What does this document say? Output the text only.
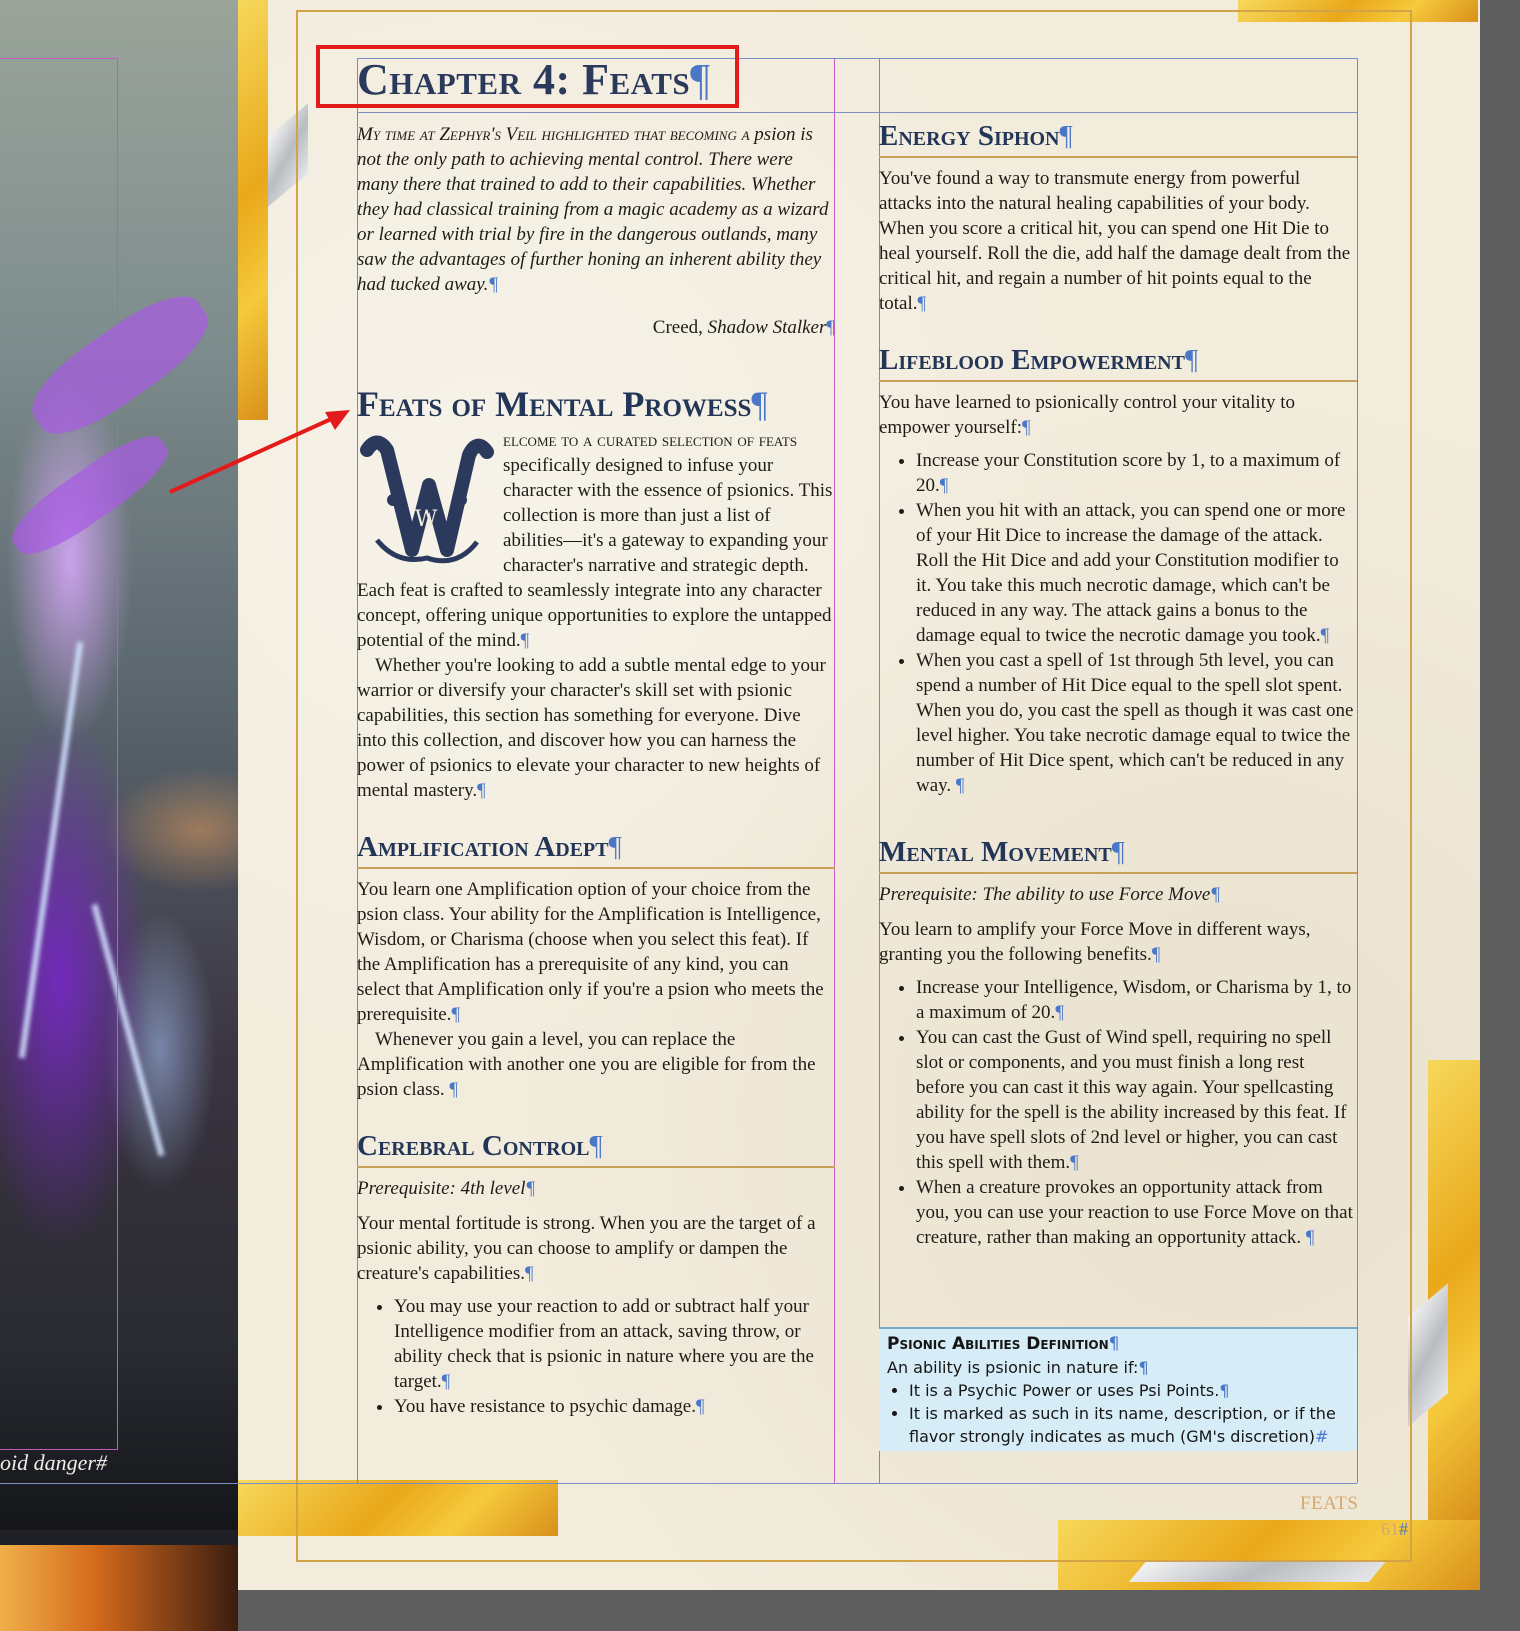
oid danger#
Chapter 4: Feats¶

My time at Zephyr's Veil highlighted that becoming a psion is not the only path to achieving mental control. There were many there that trained to add to their capabilities. Whether they had classical training from a magic academy as a wizard or learned with trial by fire in the dangerous outlands, many saw the advantages of further honing an inherent ability they had tucked away.¶

Creed, Shadow Stalker¶

Feats of Mental Prowess¶
W

elcome to a curated selection of feats specifically designed to infuse your character with the essence of psionics. This collection is more than just a list of abilities—it's a gateway to expanding your character's narrative and strategic depth. Each feat is crafted to seamlessly integrate into any character concept, offering unique opportunities to explore the untapped potential of the mind.¶

Whether you're looking to add a subtle mental edge to your warrior or diversify your character's skill set with psionic capabilities, this section has something for everyone. Dive into this collection, and discover how you can harness the power of psionics to elevate your character to new heights of mental mastery.¶

Amplification Adept¶

You learn one Amplification option of your choice from the psion class. Your ability for the Amplification is Intelligence, Wisdom, or Charisma (choose when you select this feat). If the Amplification has a prerequisite of any kind, you can select that Amplification only if you're a psion who meets the prerequisite.¶

Whenever you gain a level, you can replace the Amplification with another one you are eligible for from the psion class. ¶

Cerebral Control¶

Prerequisite: 4th level¶

Your mental fortitude is strong. When you are the target of a psionic ability, you can choose to amplify or dampen the creature's capabilities.¶

• You may use your reaction to add or subtract half your Intelligence modifier from an attack, saving throw, or ability check that is psionic in nature where you are the target.¶
• You have resistance to psychic damage.¶
Energy Siphon¶

You've found a way to transmute energy from powerful attacks into the natural healing capabilities of your body. When you score a critical hit, you can spend one Hit Die to heal yourself. Roll the die, add half the damage dealt from the critical hit, and regain a number of hit points equal to the total.¶

Lifeblood Empowerment¶

You have learned to psionically control your vitality to empower yourself:¶

• Increase your Constitution score by 1, to a maximum of 20.¶
• When you hit with an attack, you can spend one or more of your Hit Dice to increase the damage of the attack. Roll the Hit Dice and add your Constitution modifier to it. You take this much necrotic damage, which can't be reduced in any way. The attack gains a bonus to the damage equal to twice the necrotic damage you took.¶
• When you cast a spell of 1st through 5th level, you can spend a number of Hit Dice equal to the spell slot spent. When you do, you cast the spell as though it was cast one level higher. You take necrotic damage equal to twice the number of Hit Dice spent, which can't be reduced in any way. ¶
Mental Movement¶

Prerequisite: The ability to use Force Move¶

You learn to amplify your Force Move in different ways, granting you the following benefits.¶

• Increase your Intelligence, Wisdom, or Charisma by 1, to a maximum of 20.¶
• You can cast the Gust of Wind spell, requiring no spell slot or components, and you must finish a long rest before you can cast it this way again. Your spellcasting ability for the spell is the ability increased by this feat. If you have spell slots of 2nd level or higher, you can cast this spell with them.¶
• When a creature provokes an opportunity attack from you, you can use your reaction to use Force Move on that creature, rather than making an opportunity attack. ¶
Psionic Abilities Definition¶
An ability is psionic in nature if:¶
• It is a Psychic Power or uses Psi Points.¶
• It is marked as such in its name, description, or if the flavor strongly indicates as much (GM's discretion)#
FEATS
61#
